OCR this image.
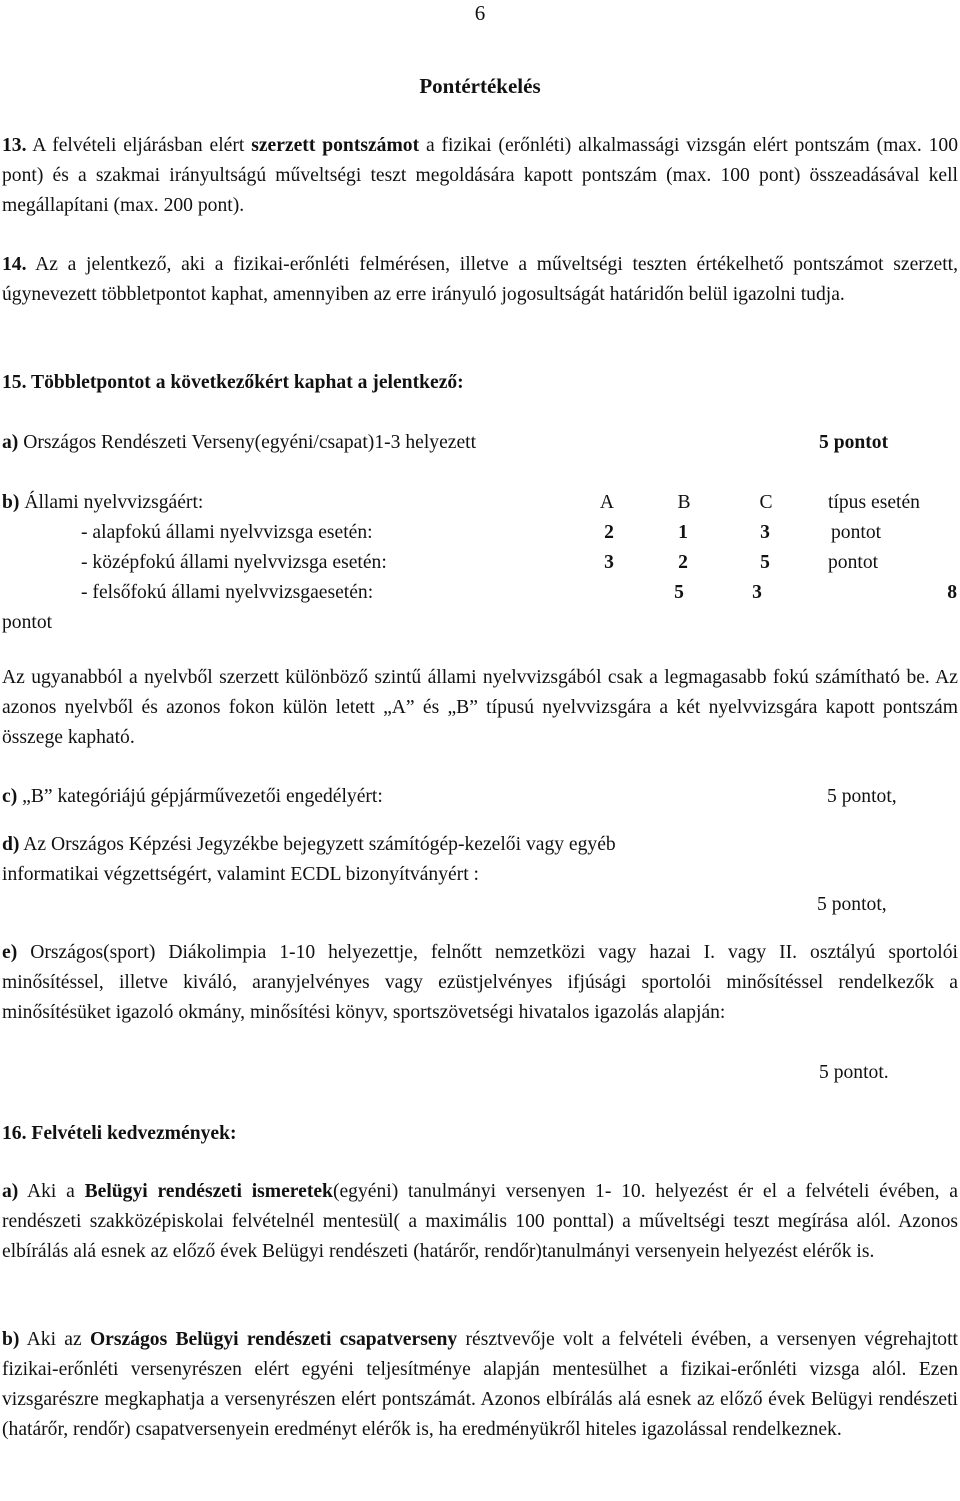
6
Pontértékelés
13. A felvételi eljárásban elért szerzett pontszámot a fizikai (erőnléti) alkalmassági vizsgán elért pontszám (max. 100 pont) és a szakmai irányultságú műveltségi teszt megoldására kapott pontszám (max. 100 pont) összeadásával kell megállapítani (max. 200 pont).
14. Az a jelentkező, aki a fizikai-erőnléti felmérésen, illetve a műveltségi teszten értékelhető pontszámot szerzett, úgynevezett többletpontot kaphat, amennyiben az erre irányuló jogosultságát határidőn belül igazolni tudja.
15. Többletpontot a következőkért kaphat a jelentkező:
a) Országos Rendészeti Verseny(egyéni/csapat)1-3 helyezett	5 pontot
b) Állami nyelvvizsgáért:	A	B	C	típus esetén
- alapfokú állami nyelvvizsga esetén:	2	1	3	pontot
- középfokú állami nyelvvizsga esetén:	3	2	5	pontot
- felsőfokú állami nyelvvizsgaesetén:	5	3	8
pontot
Az ugyanabból a nyelvből szerzett különböző szintű állami nyelvvizsgából csak a legmagasabb fokú számítható be. Az azonos nyelvből és azonos fokon külön letett „A” és „B” típusú nyelvvizsgára a két nyelvvizsgára kapott pontszám összege kapható.
c) „B” kategóriájú gépjárművezetői engedélyért:	5 pontot,
d) Az Országos Képzési Jegyzékbe bejegyzett számítógép-kezelői vagy egyéb
informatikai végzettségért, valamint ECDL bizonyítványért :
5 pontot,
e) Országos(sport) Diákolimpia 1-10 helyezettje, felnőtt nemzetközi vagy hazai I. vagy II. osztályú sportolói minősítéssel, illetve kiváló, aranyjelvényes vagy ezüstjelvényes ifjúsági sportolói minősítéssel rendelkezők a minősítésüket igazoló okmány, minősítési könyv, sportszövetségi hivatalos igazolás alapján:
5 pontot.
16. Felvételi kedvezmények:
a) Aki a Belügyi rendészeti ismeretek(egyéni) tanulmányi versenyen 1- 10. helyezést ér el a felvételi évében, a rendészeti szakközépiskolai felvételnél mentesül( a maximális 100 ponttal) a műveltségi teszt megírása alól. Azonos elbírálás alá esnek az előző évek Belügyi rendészeti (határőr, rendőr)tanulmányi versenyein helyezést elérők is.
b) Aki az Országos Belügyi rendészeti csapatverseny résztvevője volt a felvételi évében, a versenyen végrehajtott fizikai-erőnléti versenyrészen elért egyéni teljesítménye alapján mentesülhet a fizikai-erőnléti vizsga alól. Ezen vizsgarészre megkaphatja a versenyrészen elért pontszámát. Azonos elbírálás alá esnek az előző évek Belügyi rendészeti (határőr, rendőr) csapatversenyein eredményt elérők is, ha eredményükről hiteles igazolással rendelkeznek.
